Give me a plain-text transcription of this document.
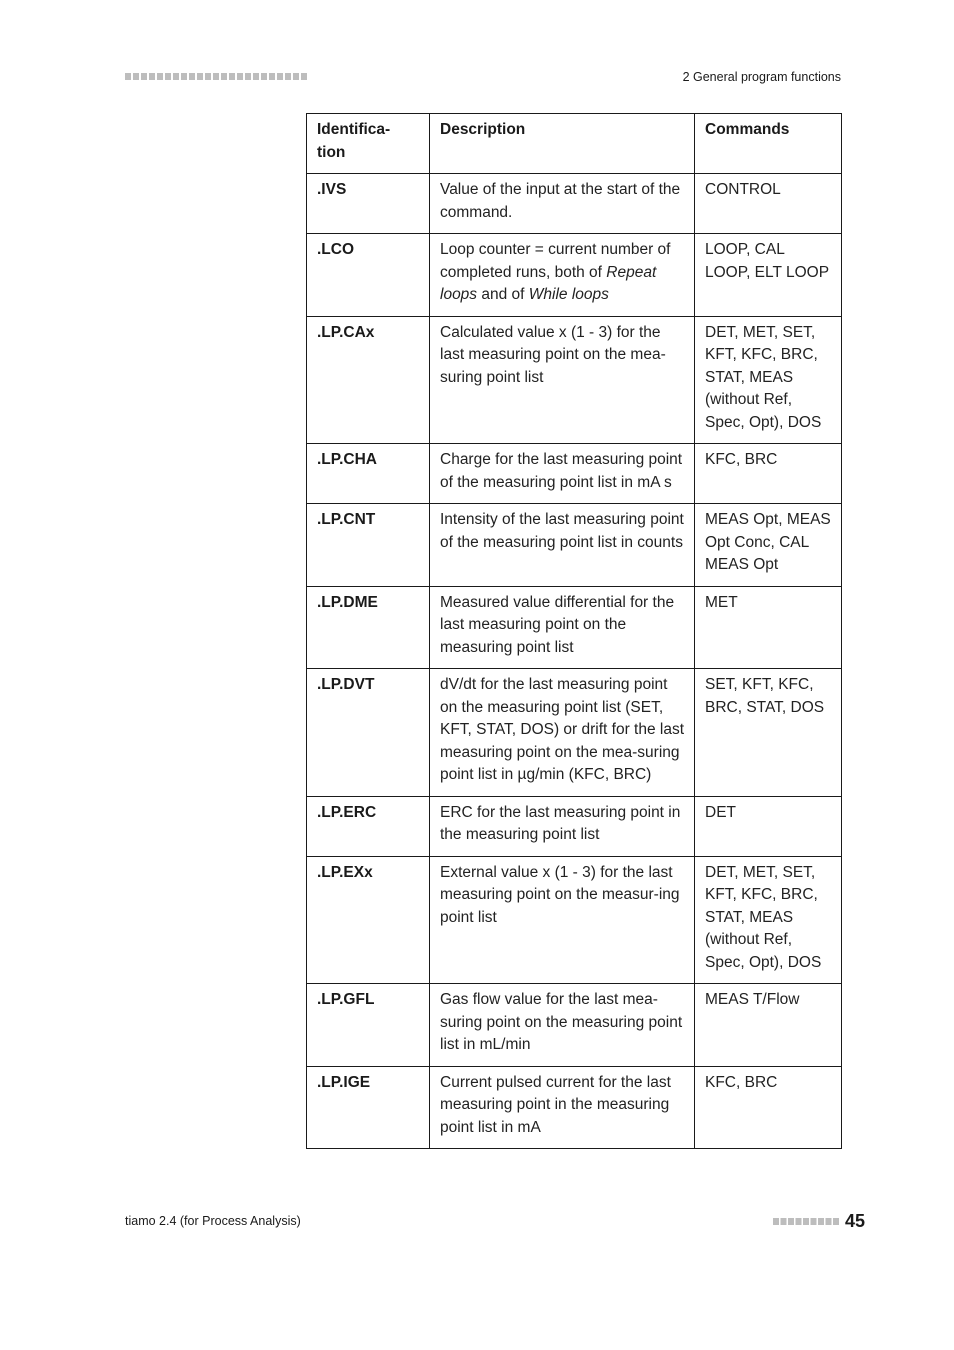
2 General program functions
Identifica-
tion	Description	Commands
.IVS	Value of the input at the start of the command.	CONTROL
.LCO	Loop counter = current number of completed runs, both of Repeat loops and of While loops	LOOP, CAL LOOP, ELT LOOP
.LP.CAx	Calculated value x (1 - 3) for the last measuring point on the mea-suring point list	DET, MET, SET, KFT, KFC, BRC, STAT, MEAS (without Ref, Spec, Opt), DOS
.LP.CHA	Charge for the last measuring point of the measuring point list in mA s	KFC, BRC
.LP.CNT	Intensity of the last measuring point of the measuring point list in counts	MEAS Opt, MEAS Opt Conc, CAL MEAS Opt
.LP.DME	Measured value differential for the last measuring point on the measuring point list	MET
.LP.DVT	dV/dt for the last measuring point on the measuring point list (SET, KFT, STAT, DOS) or drift for the last measuring point on the mea-suring point list in µg/min (KFC, BRC)	SET, KFT, KFC, BRC, STAT, DOS
.LP.ERC	ERC for the last measuring point in the measuring point list	DET
.LP.EXx	External value x (1 - 3) for the last measuring point on the measur-ing point list	DET, MET, SET, KFT, KFC, BRC, STAT, MEAS (without Ref, Spec, Opt), DOS
.LP.GFL	Gas flow value for the last mea-suring point on the measuring point list in mL/min	MEAS T/Flow
.LP.IGE	Current pulsed current for the last measuring point in the measuring point list in mA	KFC, BRC
tiamo 2.4 (for Process Analysis)	45
